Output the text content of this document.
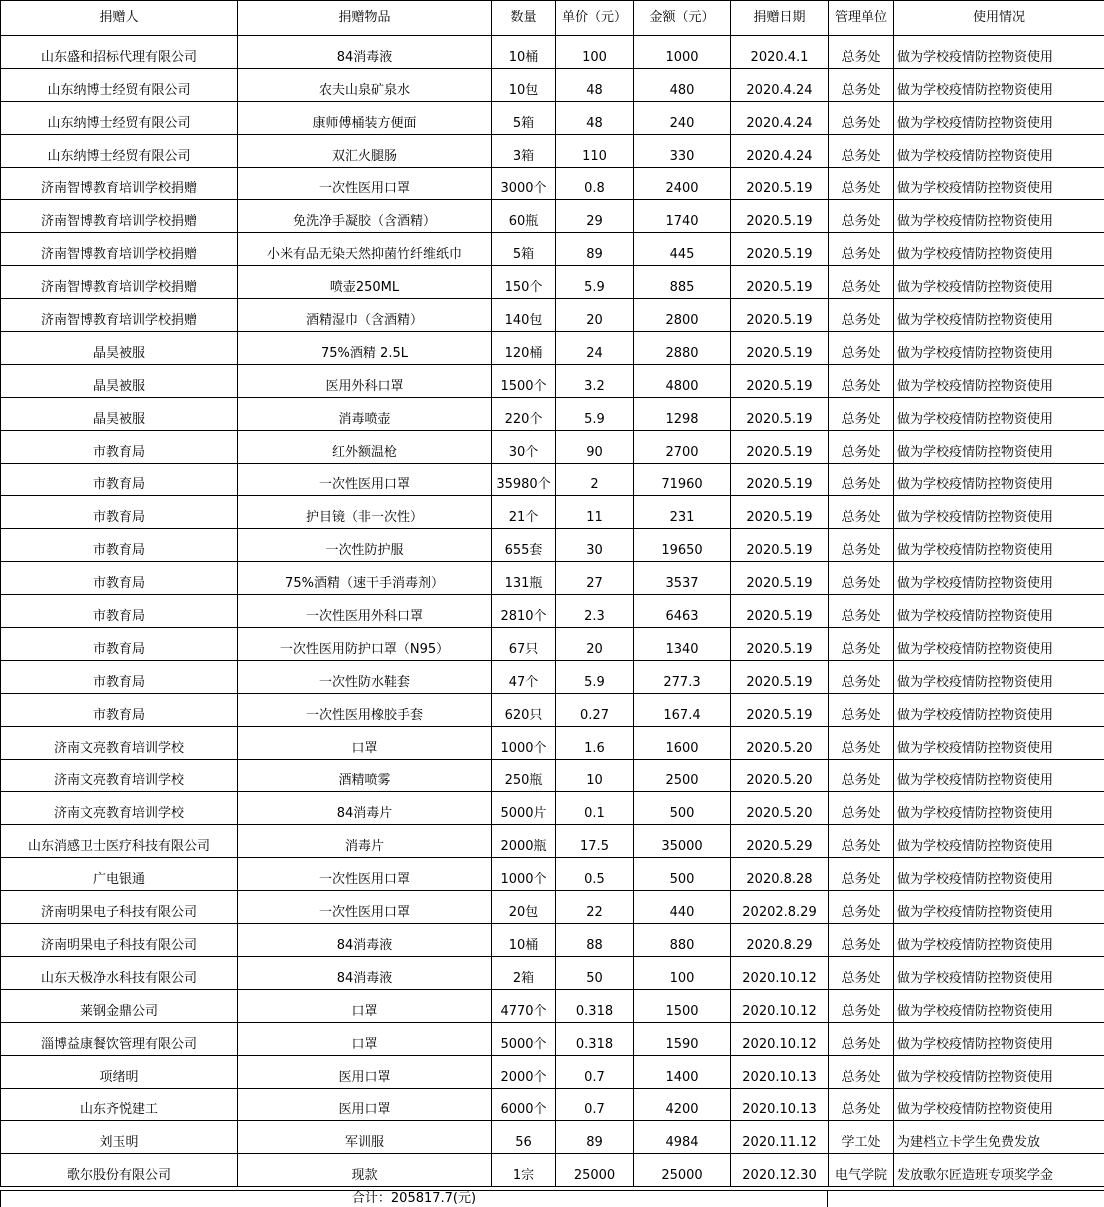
捐赠人	捐赠物品	数量	单价（元）	金额（元）	捐赠日期	管理单位	使用情况
山东盛和招标代理有限公司	84消毒液	10桶	100	1000	2020.4.1	总务处	做为学校疫情防控物资使用
山东纳博士经贸有限公司	农夫山泉矿泉水	10包	48	480	2020.4.24	总务处	做为学校疫情防控物资使用
山东纳博士经贸有限公司	康师傅桶装方便面	5箱	48	240	2020.4.24	总务处	做为学校疫情防控物资使用
山东纳博士经贸有限公司	双汇火腿肠	3箱	110	330	2020.4.24	总务处	做为学校疫情防控物资使用
济南智博教育培训学校捐赠	一次性医用口罩	3000个	0.8	2400	2020.5.19	总务处	做为学校疫情防控物资使用
济南智博教育培训学校捐赠	免洗净手凝胶（含酒精）	60瓶	29	1740	2020.5.19	总务处	做为学校疫情防控物资使用
济南智博教育培训学校捐赠	小米有品无染天然抑菌竹纤维纸巾	5箱	89	445	2020.5.19	总务处	做为学校疫情防控物资使用
济南智博教育培训学校捐赠	喷壶250ML	150个	5.9	885	2020.5.19	总务处	做为学校疫情防控物资使用
济南智博教育培训学校捐赠	酒精湿巾（含酒精）	140包	20	2800	2020.5.19	总务处	做为学校疫情防控物资使用
晶昊被服	75%酒精 2.5L	120桶	24	2880	2020.5.19	总务处	做为学校疫情防控物资使用
晶昊被服	医用外科口罩	1500个	3.2	4800	2020.5.19	总务处	做为学校疫情防控物资使用
晶昊被服	消毒喷壶	220个	5.9	1298	2020.5.19	总务处	做为学校疫情防控物资使用
市教育局	红外额温枪	30个	90	2700	2020.5.19	总务处	做为学校疫情防控物资使用
市教育局	一次性医用口罩	35980个	2	71960	2020.5.19	总务处	做为学校疫情防控物资使用
市教育局	护目镜（非一次性）	21个	11	231	2020.5.19	总务处	做为学校疫情防控物资使用
市教育局	一次性防护服	655套	30	19650	2020.5.19	总务处	做为学校疫情防控物资使用
市教育局	75%酒精（速干手消毒剂）	131瓶	27	3537	2020.5.19	总务处	做为学校疫情防控物资使用
市教育局	一次性医用外科口罩	2810个	2.3	6463	2020.5.19	总务处	做为学校疫情防控物资使用
市教育局	一次性医用防护口罩（N95）	67只	20	1340	2020.5.19	总务处	做为学校疫情防控物资使用
市教育局	一次性防水鞋套	47个	5.9	277.3	2020.5.19	总务处	做为学校疫情防控物资使用
市教育局	一次性医用橡胶手套	620只	0.27	167.4	2020.5.19	总务处	做为学校疫情防控物资使用
济南文亮教育培训学校	口罩	1000个	1.6	1600	2020.5.20	总务处	做为学校疫情防控物资使用
济南文亮教育培训学校	酒精喷雾	250瓶	10	2500	2020.5.20	总务处	做为学校疫情防控物资使用
济南文亮教育培训学校	84消毒片	5000片	0.1	500	2020.5.20	总务处	做为学校疫情防控物资使用
山东消感卫士医疗科技有限公司	消毒片	2000瓶	17.5	35000	2020.5.29	总务处	做为学校疫情防控物资使用
广电银通	一次性医用口罩	1000个	0.5	500	2020.8.28	总务处	做为学校疫情防控物资使用
济南明果电子科技有限公司	一次性医用口罩	20包	22	440	20202.8.29	总务处	做为学校疫情防控物资使用
济南明果电子科技有限公司	84消毒液	10桶	88	880	2020.8.29	总务处	做为学校疫情防控物资使用
山东天极净水科技有限公司	84消毒液	2箱	50	100	2020.10.12	总务处	做为学校疫情防控物资使用
莱钢金鼎公司	口罩	4770个	0.318	1500	2020.10.12	总务处	做为学校疫情防控物资使用
淄博益康餐饮管理有限公司	口罩	5000个	0.318	1590	2020.10.12	总务处	做为学校疫情防控物资使用
项绪明	医用口罩	2000个	0.7	1400	2020.10.13	总务处	做为学校疫情防控物资使用
山东齐悦建工	医用口罩	6000个	0.7	4200	2020.10.13	总务处	做为学校疫情防控物资使用
刘玉明	军训服	56	89	4984	2020.11.12	学工处	为建档立卡学生免费发放
歌尔股份有限公司	现款	1宗	25000	25000	2020.12.30	电气学院	发放歌尔匠造班专项奖学金
合计：205817.7(元)
